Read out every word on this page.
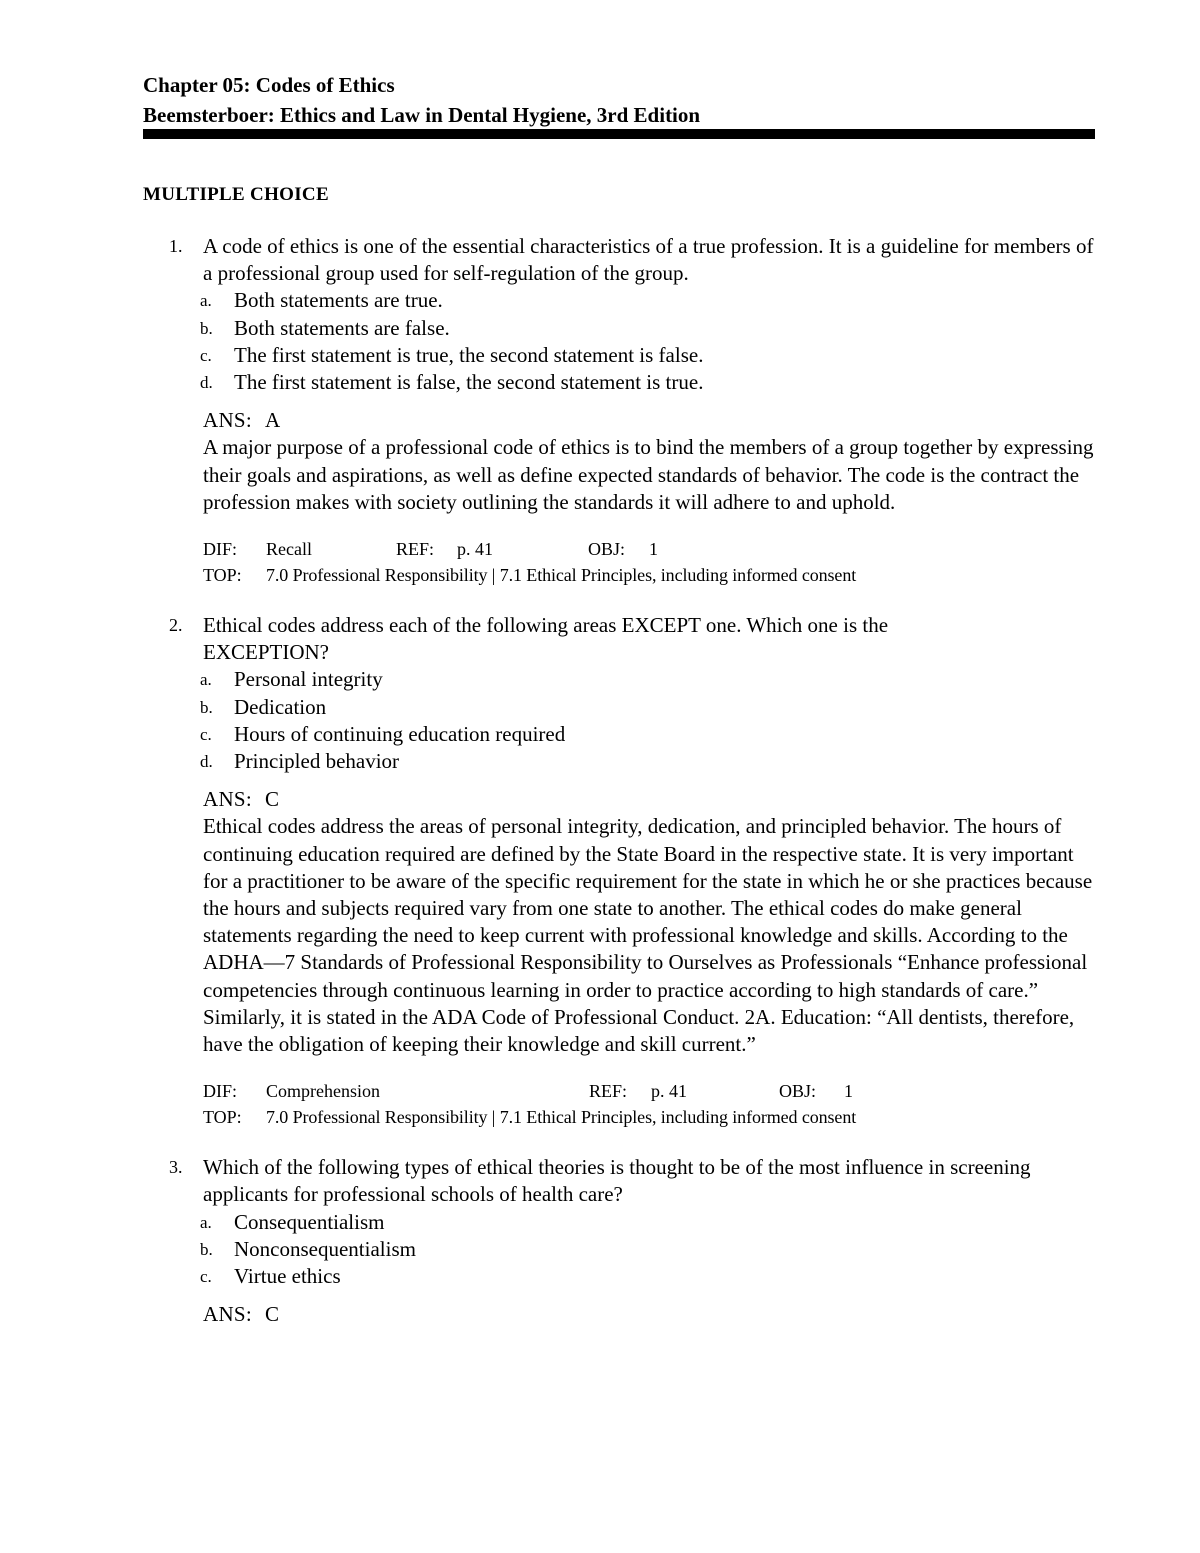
Chapter 05: Codes of Ethics
Beemsterboer: Ethics and Law in Dental Hygiene, 3rd Edition
MULTIPLE CHOICE
1. A code of ethics is one of the essential characteristics of a true profession. It is a guideline for members of a professional group used for self-regulation of the group.
a. Both statements are true.
b. Both statements are false.
c. The first statement is true, the second statement is false.
d. The first statement is false, the second statement is true.
ANS: A
A major purpose of a professional code of ethics is to bind the members of a group together by expressing their goals and aspirations, as well as define expected standards of behavior. The code is the contract the profession makes with society outlining the standards it will adhere to and uphold.
DIF: Recall	REF: p. 41	OBJ: 1
TOP: 7.0 Professional Responsibility | 7.1 Ethical Principles, including informed consent
2. Ethical codes address each of the following areas EXCEPT one. Which one is the EXCEPTION?
a. Personal integrity
b. Dedication
c. Hours of continuing education required
d. Principled behavior
ANS: C
Ethical codes address the areas of personal integrity, dedication, and principled behavior. The hours of continuing education required are defined by the State Board in the respective state. It is very important for a practitioner to be aware of the specific requirement for the state in which he or she practices because the hours and subjects required vary from one state to another. The ethical codes do make general statements regarding the need to keep current with professional knowledge and skills. According to the ADHA—7 Standards of Professional Responsibility to Ourselves as Professionals “Enhance professional competencies through continuous learning in order to practice according to high standards of care.” Similarly, it is stated in the ADA Code of Professional Conduct. 2A. Education: “All dentists, therefore, have the obligation of keeping their knowledge and skill current.”
DIF: Comprehension	REF: p. 41	OBJ: 1
TOP: 7.0 Professional Responsibility | 7.1 Ethical Principles, including informed consent
3. Which of the following types of ethical theories is thought to be of the most influence in screening applicants for professional schools of health care?
a. Consequentialism
b. Nonconsequentialism
c. Virtue ethics
ANS: C
